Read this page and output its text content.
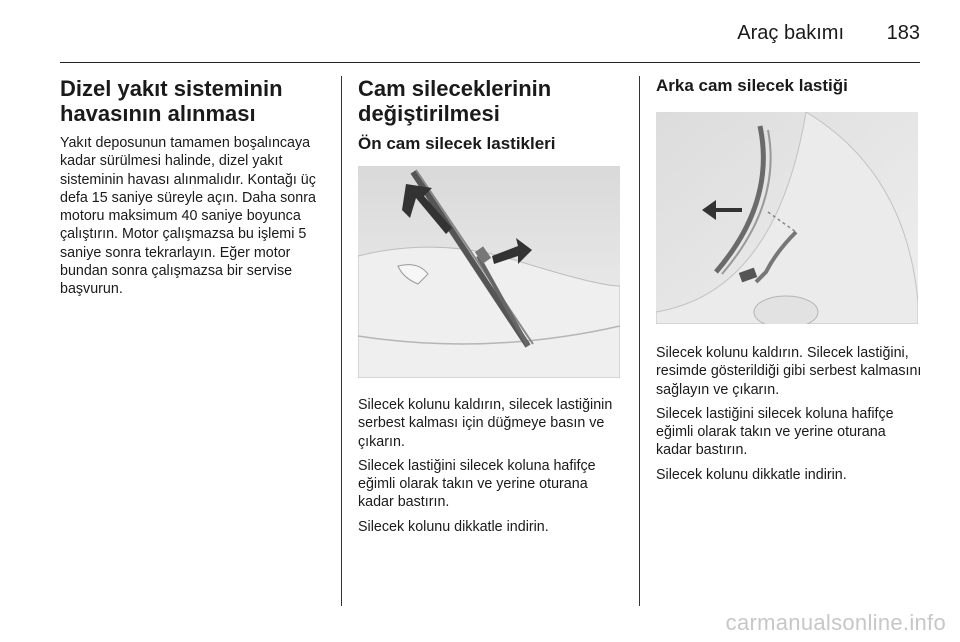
Araç bakımı 183
Dizel yakıt sisteminin havasının alınması

Yakıt deposunun tamamen boşalıncaya kadar sürülmesi halinde, dizel yakıt sisteminin havası alınmalıdır. Kontağı üç defa 15 saniye süreyle açın. Daha sonra motoru maksimum 40 saniye boyunca çalıştırın. Motor çalışmazsa bu işlemi 5 saniye sonra tekrarlayın. Eğer motor bundan sonra çalışmazsa bir servise başvurun.

Cam sileceklerinin değiştirilmesi
Ön cam silecek lastikleri

Silecek kolunu kaldırın, silecek lastiğinin serbest kalması için düğmeye basın ve çıkarın.

Silecek lastiğini silecek koluna hafifçe eğimli olarak takın ve yerine oturana kadar bastırın.

Silecek kolunu dikkatle indirin.

Arka cam silecek lastiği

Silecek kolunu kaldırın. Silecek lastiğini, resimde gösterildiği gibi serbest kalmasını sağlayın ve çıkarın.

Silecek lastiğini silecek koluna hafifçe eğimli olarak takın ve yerine oturana kadar bastırın.

Silecek kolunu dikkatle indirin.

carmanualsonline.info
